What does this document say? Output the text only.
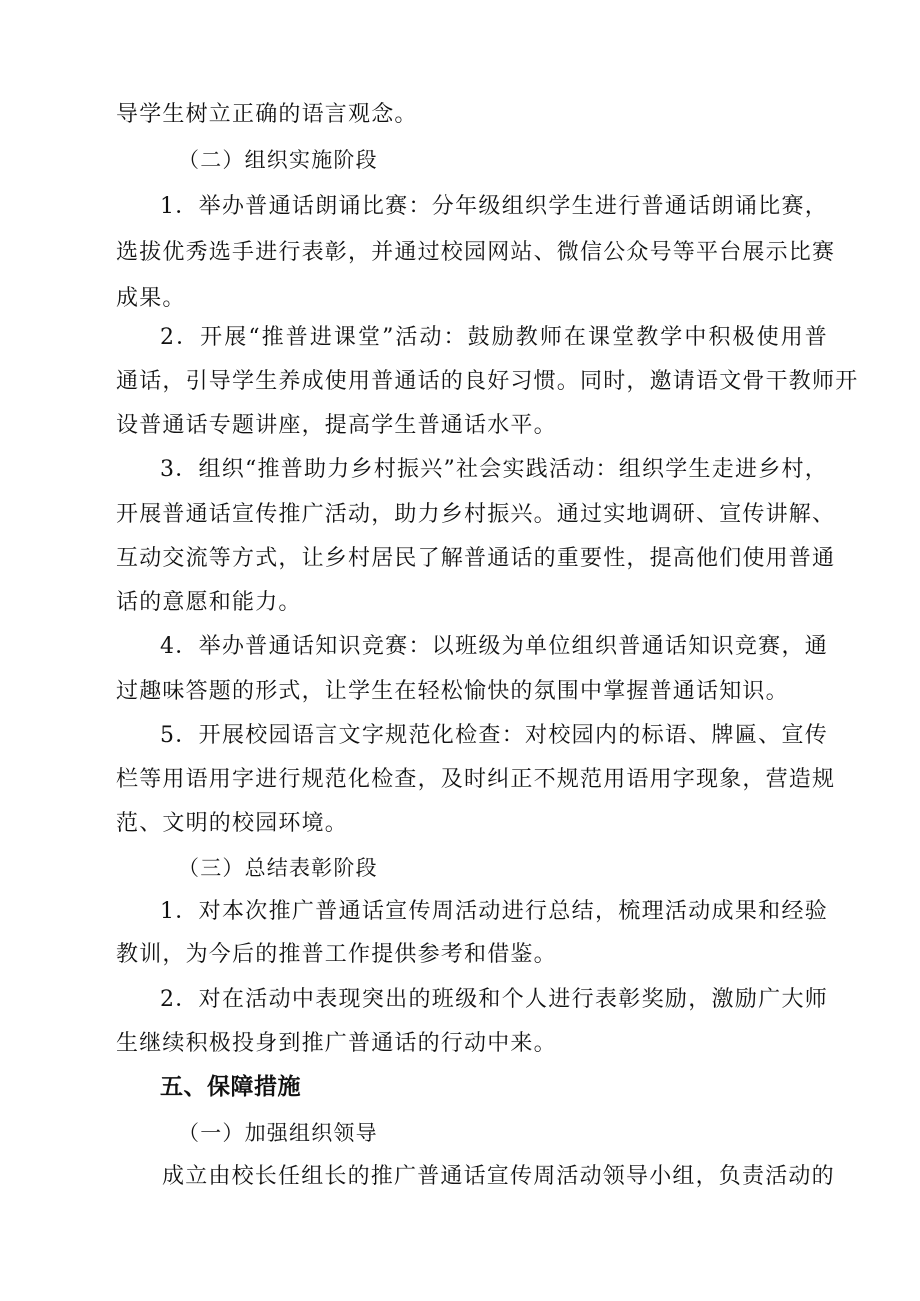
导学生树立正确的语言观念。
（二）组织实施阶段
1．举办普通话朗诵比赛：分年级组织学生进行普通话朗诵比赛，
选拔优秀选手进行表彰，并通过校园网站、微信公众号等平台展示比赛
成果。
2．开展“推普进课堂”活动：鼓励教师在课堂教学中积极使用普
通话，引导学生养成使用普通话的良好习惯。同时，邀请语文骨干教师开
设普通话专题讲座，提高学生普通话水平。
3．组织“推普助力乡村振兴”社会实践活动：组织学生走进乡村，
开展普通话宣传推广活动，助力乡村振兴。通过实地调研、宣传讲解、
互动交流等方式，让乡村居民了解普通话的重要性，提高他们使用普通
话的意愿和能力。
4．举办普通话知识竞赛：以班级为单位组织普通话知识竞赛，通
过趣味答题的形式，让学生在轻松愉快的氛围中掌握普通话知识。
5．开展校园语言文字规范化检查：对校园内的标语、牌匾、宣传
栏等用语用字进行规范化检查，及时纠正不规范用语用字现象，营造规
范、文明的校园环境。
（三）总结表彰阶段
1．对本次推广普通话宣传周活动进行总结，梳理活动成果和经验
教训，为今后的推普工作提供参考和借鉴。
2．对在活动中表现突出的班级和个人进行表彰奖励，激励广大师
生继续积极投身到推广普通话的行动中来。
五、保障措施
（一）加强组织领导
成立由校长任组长的推广普通话宣传周活动领导小组，负责活动的
